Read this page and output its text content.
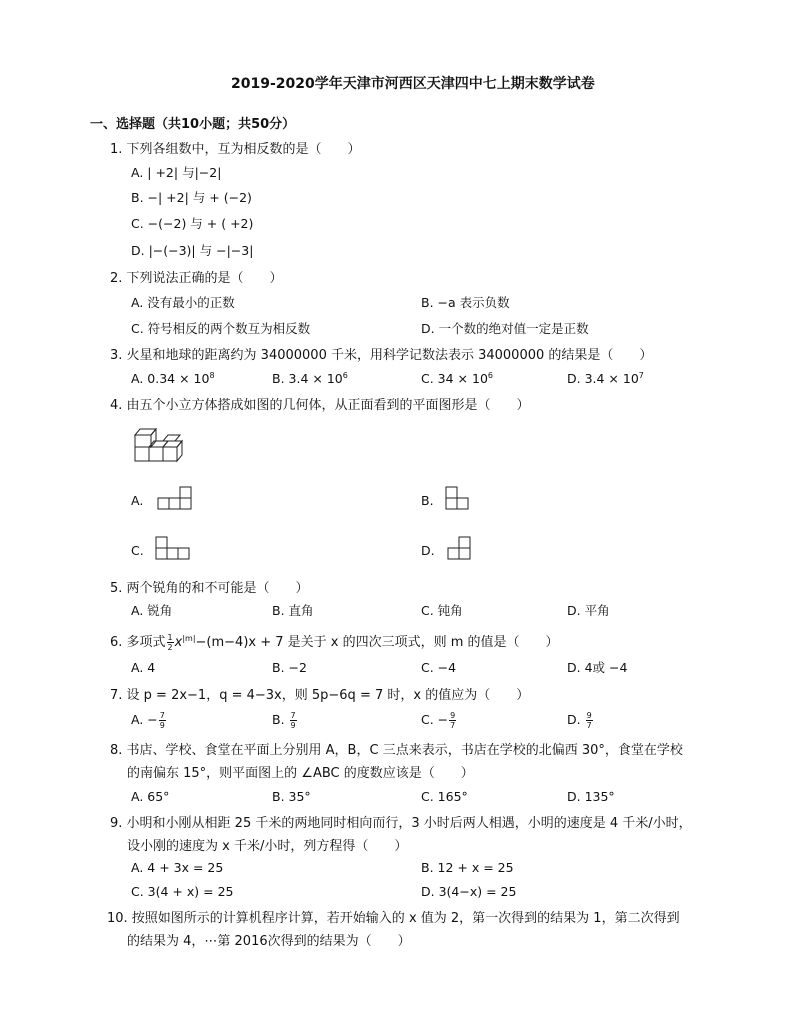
2019-2020学年天津市河西区天津四中七上期末数学试卷
一、选择题（共10小题；共50分）
1. 下列各组数中，互为相反数的是（　　）
A. | +2| 与|−2|
B. −| +2| 与 + (−2)
C. −(−2) 与 + ( +2)
D. |−(−3)| 与 −|−3|
2. 下列说法正确的是（　　）
A. 没有最小的正数	B. −a 表示负数
C. 符号相反的两个数互为相反数	D. 一个数的绝对值一定是正数
3. 火星和地球的距离约为 34000000 千米，用科学记数法表示 34000000 的结果是（　　）
A. $0.34 \times 10^8$	B. $3.4 \times 10^6$	C. $34 \times 10^6$	D. $3.4 \times 10^7$
4. 由五个小立方体搭成如图的几何体，从正面看到的平面图形是（　　）
A.	B.
C.	D.
5. 两个锐角的和不可能是（　　）
A. 锐角	B. 直角	C. 钝角	D. 平角
6. 多项式 $\frac{1}{2} x^{|m|}-(m-4)x + 7$ 是关于 x 的四次三项式，则 m 的值是（　　）
A. 4	B. −2	C. −4	D. 4或 −4
7. 设 p = 2x−1，q = 4−3x，则 5p−6q = 7 时，x 的值应为（　　）
A. − $\frac{7}{9}$	B. $\frac{7}{9}$	C. − $\frac{9}{7}$	D. $\frac{9}{7}$
8. 书店、学校、食堂在平面上分别用 A，B，C 三点来表示，书店在学校的北偏西 30°，食堂在学校
的南偏东 15°，则平面图上的 ∠ABC 的度数应该是（　　）
A. 65°	B. 35°	C. 165°	D. 135°
9. 小明和小刚从相距 25 千米的两地同时相向而行，3 小时后两人相遇，小明的速度是 4 千米/小时，
设小刚的速度为 x 千米/小时，列方程得（　　）
A. 4 + 3x = 25	B. 12 + x = 25
C. 3(4 + x) = 25	D. 3(4−x) = 25
10. 按照如图所示的计算机程序计算，若开始输入的 x 值为 2，第一次得到的结果为 1，第二次得到
的结果为 4，⋯第 2016次得到的结果为（　　）
